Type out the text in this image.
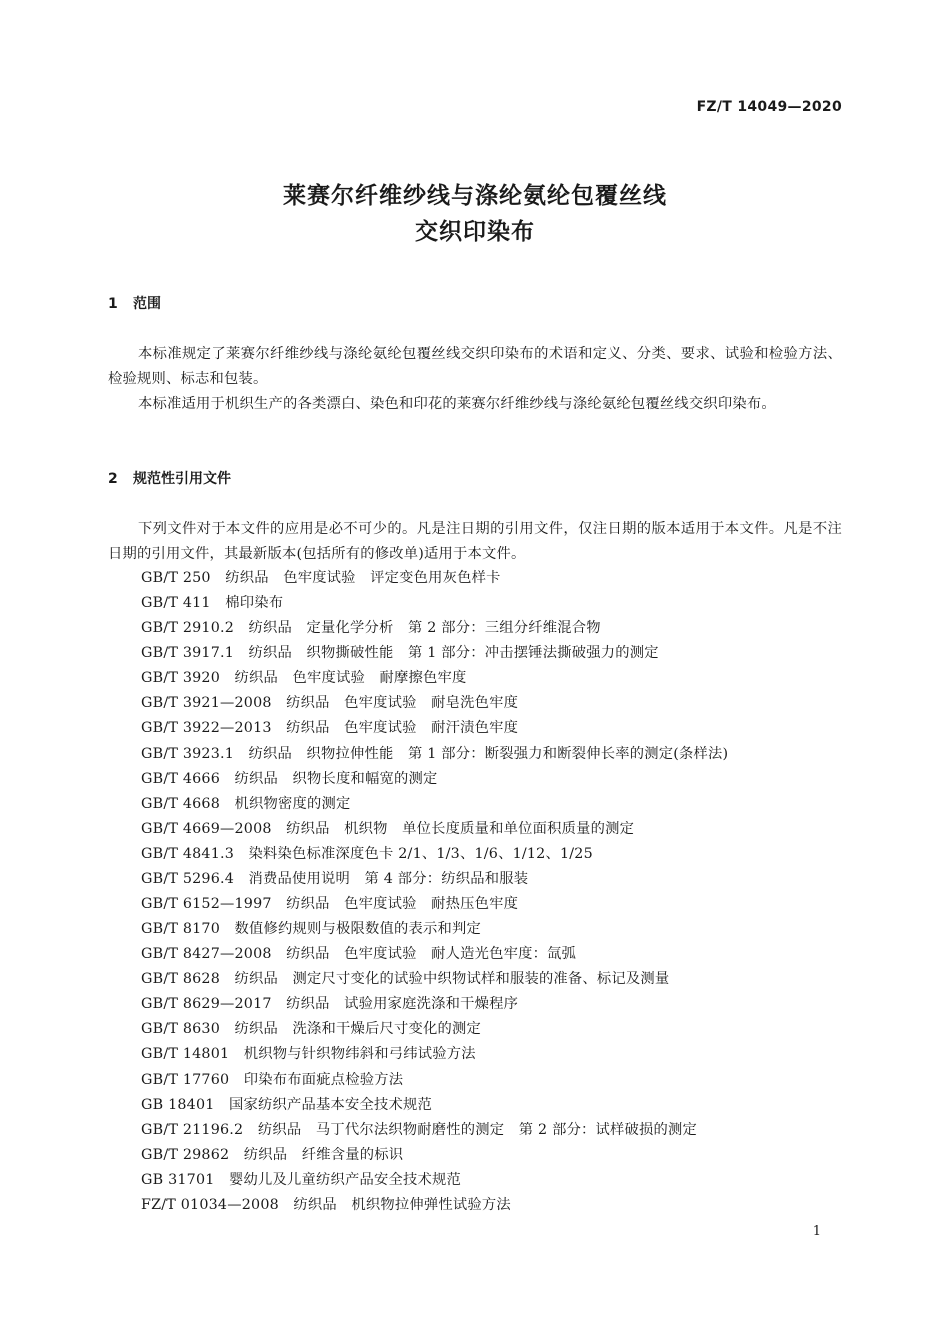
FZ/T 14049—2020
莱赛尔纤维纱线与涤纶氨纶包覆丝线
交织印染布
1 范围
本标准规定了莱赛尔纤维纱线与涤纶氨纶包覆丝线交织印染布的术语和定义、分类、要求、试验和检验方法、检验规则、标志和包装。
本标准适用于机织生产的各类漂白、染色和印花的莱赛尔纤维纱线与涤纶氨纶包覆丝线交织印染布。
2 规范性引用文件
下列文件对于本文件的应用是必不可少的。凡是注日期的引用文件，仅注日期的版本适用于本文件。凡是不注日期的引用文件，其最新版本(包括所有的修改单)适用于本文件。
GB/T 250　纺织品　色牢度试验　评定变色用灰色样卡
GB/T 411　棉印染布
GB/T 2910.2　纺织品　定量化学分析　第 2 部分：三组分纤维混合物
GB/T 3917.1　纺织品　织物撕破性能　第 1 部分：冲击摆锤法撕破强力的测定
GB/T 3920　纺织品　色牢度试验　耐摩擦色牢度
GB/T 3921—2008　纺织品　色牢度试验　耐皂洗色牢度
GB/T 3922—2013　纺织品　色牢度试验　耐汗渍色牢度
GB/T 3923.1　纺织品　织物拉伸性能　第 1 部分：断裂强力和断裂伸长率的测定(条样法)
GB/T 4666　纺织品　织物长度和幅宽的测定
GB/T 4668　机织物密度的测定
GB/T 4669—2008　纺织品　机织物　单位长度质量和单位面积质量的测定
GB/T 4841.3　染料染色标准深度色卡 2/1、1/3、1/6、1/12、1/25
GB/T 5296.4　消费品使用说明　第 4 部分：纺织品和服装
GB/T 6152—1997　纺织品　色牢度试验　耐热压色牢度
GB/T 8170　数值修约规则与极限数值的表示和判定
GB/T 8427—2008　纺织品　色牢度试验　耐人造光色牢度：氙弧
GB/T 8628　纺织品　测定尺寸变化的试验中织物试样和服装的准备、标记及测量
GB/T 8629—2017　纺织品　试验用家庭洗涤和干燥程序
GB/T 8630　纺织品　洗涤和干燥后尺寸变化的测定
GB/T 14801　机织物与针织物纬斜和弓纬试验方法
GB/T 17760　印染布布面疵点检验方法
GB 18401　国家纺织产品基本安全技术规范
GB/T 21196.2　纺织品　马丁代尔法织物耐磨性的测定　第 2 部分：试样破损的测定
GB/T 29862　纺织品　纤维含量的标识
GB 31701　婴幼儿及儿童纺织产品安全技术规范
FZ/T 01034—2008　纺织品　机织物拉伸弹性试验方法
1
